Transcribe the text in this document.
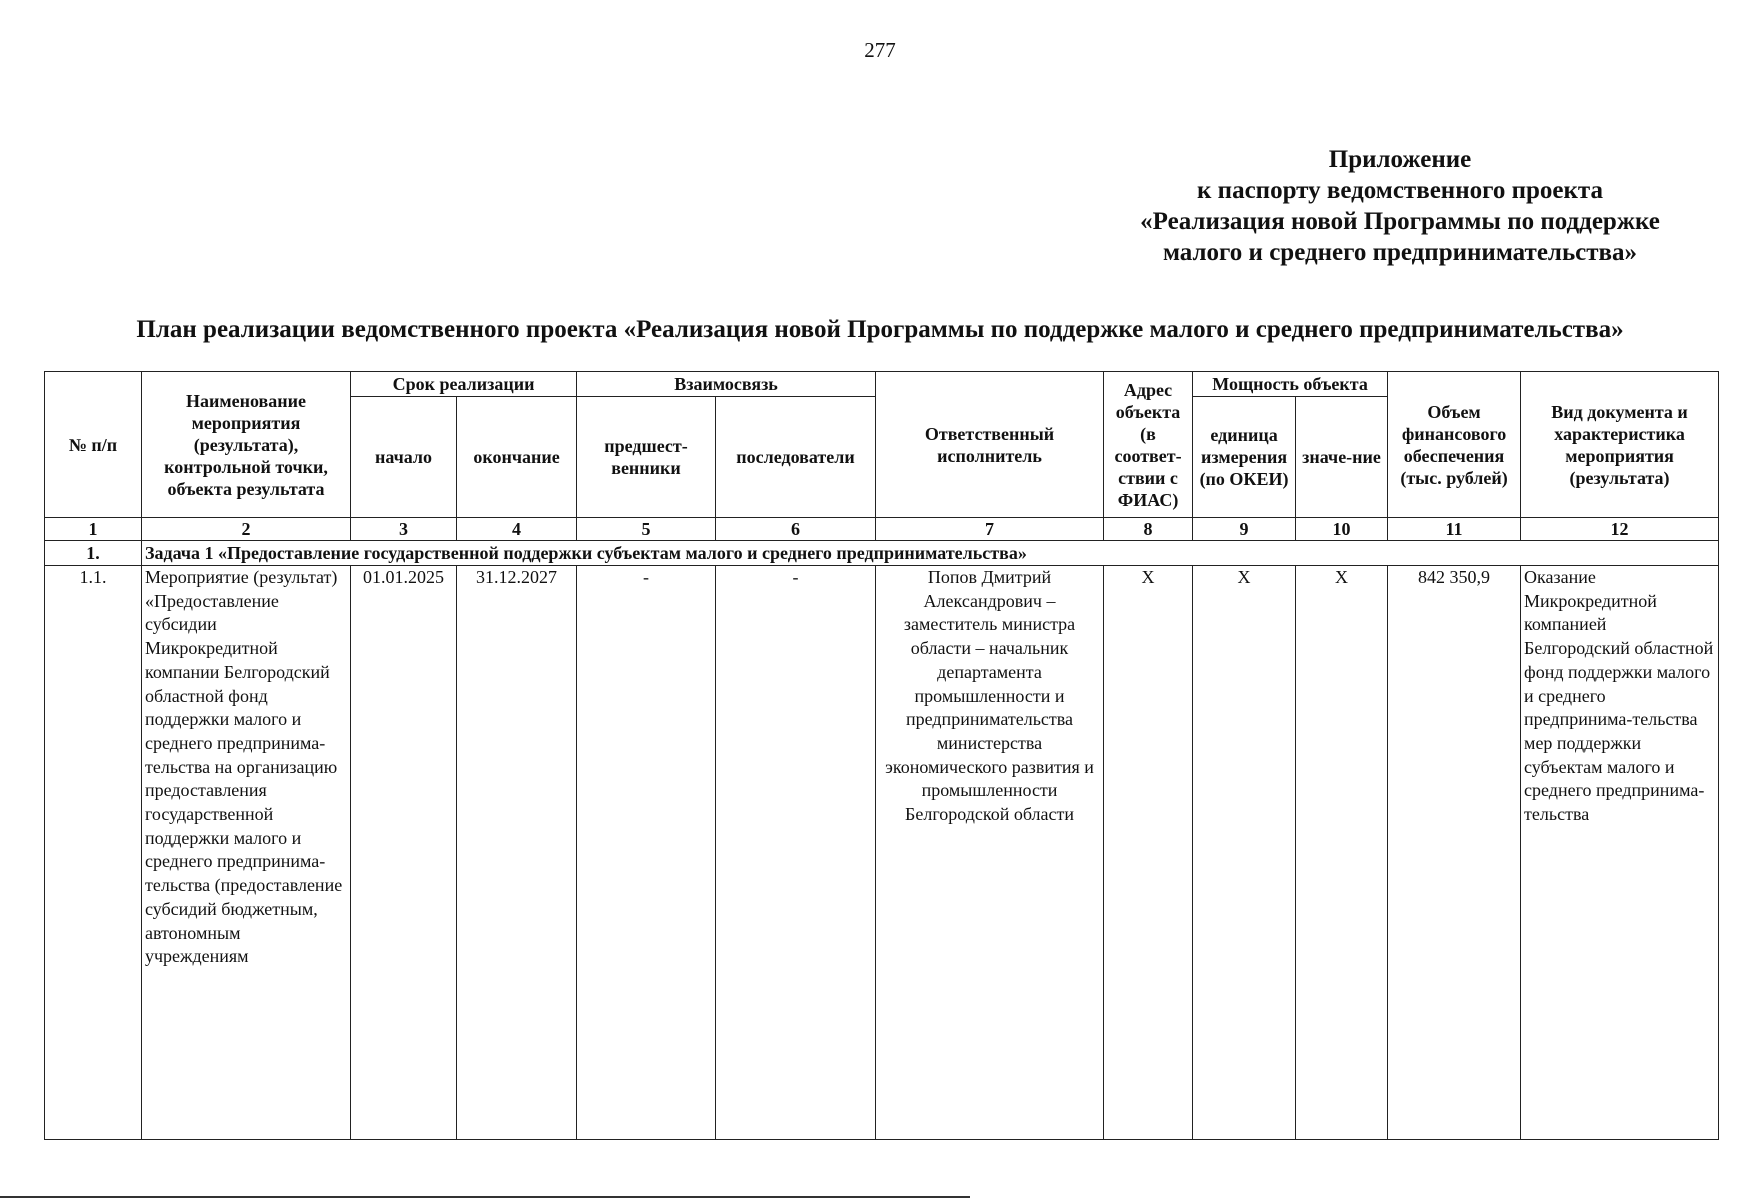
277
Приложение
к паспорту ведомственного проекта
«Реализация новой Программы по поддержке
малого и среднего предпринимательства»
План реализации ведомственного проекта «Реализация новой Программы по поддержке малого и среднего предпринимательства»
№ п/п	Наименование мероприятия (результата), контрольной точки, объекта результата	Срок реализации		Взаимосвязь		Ответственный исполнитель	Адрес объекта (в соответ-ствии с ФИАС)	Мощность объекта		Объем финансового обеспечения (тыс. рублей)	Вид документа и характеристика мероприятия (результата)
		начало	окончание	предшест-венники	последователи			единица измерения (по ОКЕИ)	значе-ние		
1	2	3	4	5	6	7	8	9	10	11	12
1.	Задача 1 «Предоставление государственной поддержки субъектам малого и среднего предпринимательства»										
1.1.	Мероприятие (результат) «Предоставление субсидии Микрокредитной компании Белгородский областной фонд поддержки малого и среднего предпринима-тельства на организацию предоставления государственной поддержки малого и среднего предпринима-тельства (предоставление субсидий бюджетным, автономным учреждениям	01.01.2025	31.12.2027	-	-	Попов Дмитрий Александрович – заместитель министра области – начальник департамента промышленности и предпринимательства министерства экономического развития и промышленности Белгородской области	X	X	X	842 350,9	Оказание Микрокредитной компанией Белгородский областной фонд поддержки малого и среднего предпринима-тельства мер поддержки субъектам малого и среднего предпринима-тельства
